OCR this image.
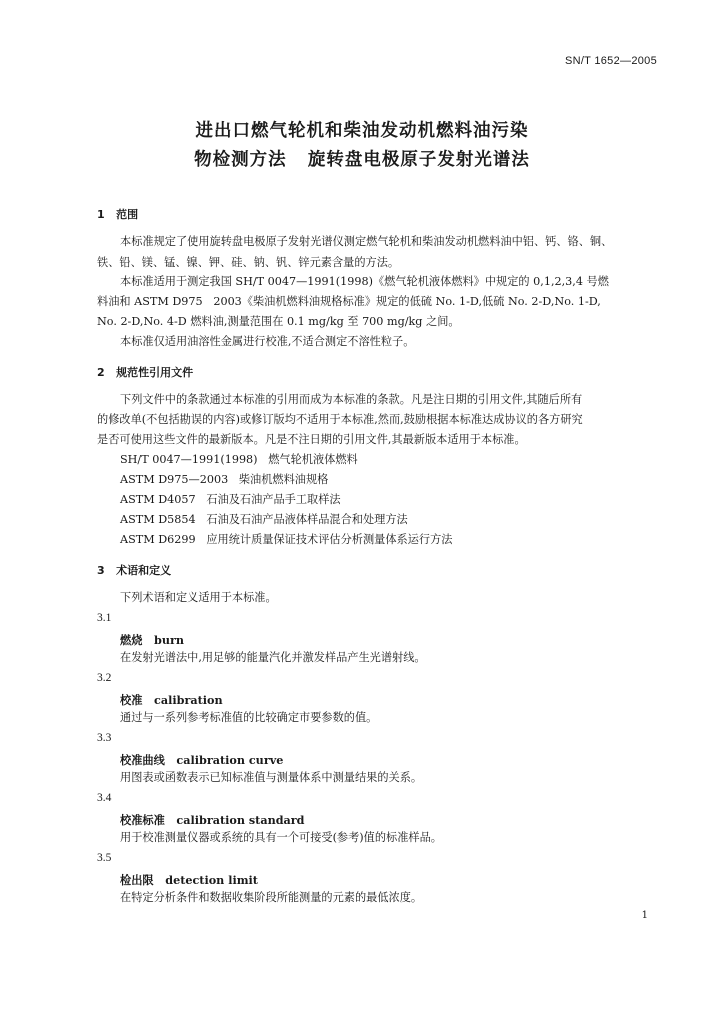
SN/T 1652—2005
进出口燃气轮机和柴油发动机燃料油污染
物检测方法   旋转盘电极原子发射光谱法
1   范围
本标准规定了使用旋转盘电极原子发射光谱仪测定燃气轮机和柴油发动机燃料油中铝、钙、铬、铜、
铁、铅、镁、锰、镍、钾、硅、钠、钒、锌元素含量的方法。
本标准适用于测定我国 SH/T 0047—1991(1998)《燃气轮机液体燃料》中规定的 0,1,2,3,4 号燃
料油和 ASTM D975   2003《柴油机燃料油规格标准》规定的低硫 No. 1-D,低硫 No. 2-D,No. 1-D,
No. 2-D,No. 4-D 燃料油,测量范围在 0.1 mg/kg 至 700 mg/kg 之间。
本标准仅适用油溶性金属进行校准,不适合测定不溶性粒子。
2   规范性引用文件
下列文件中的条款通过本标准的引用而成为本标准的条款。凡是注日期的引用文件,其随后所有
的修改单(不包括勘误的内容)或修订版均不适用于本标准,然而,鼓励根据本标准达成协议的各方研究
是否可使用这些文件的最新版本。凡是不注日期的引用文件,其最新版本适用于本标准。
SH/T 0047—1991(1998)   燃气轮机液体燃料
ASTM D975—2003   柴油机燃料油规格
ASTM D4057   石油及石油产品手工取样法
ASTM D5854   石油及石油产品液体样品混合和处理方法
ASTM D6299   应用统计质量保证技术评估分析测量体系运行方法
3   术语和定义
下列术语和定义适用于本标准。
3.1
燃烧   burn
在发射光谱法中,用足够的能量汽化并激发样品产生光谱射线。
3.2
校准   calibration
通过与一系列参考标准值的比较确定市要参数的值。
3.3
校准曲线   calibration curve
用图表或函数表示已知标准值与测量体系中测量结果的关系。
3.4
校准标准   calibration standard
用于校准测量仪器或系统的具有一个可接受(参考)值的标准样品。
3.5
检出限   detection limit
在特定分析条件和数据收集阶段所能测量的元素的最低浓度。
1
